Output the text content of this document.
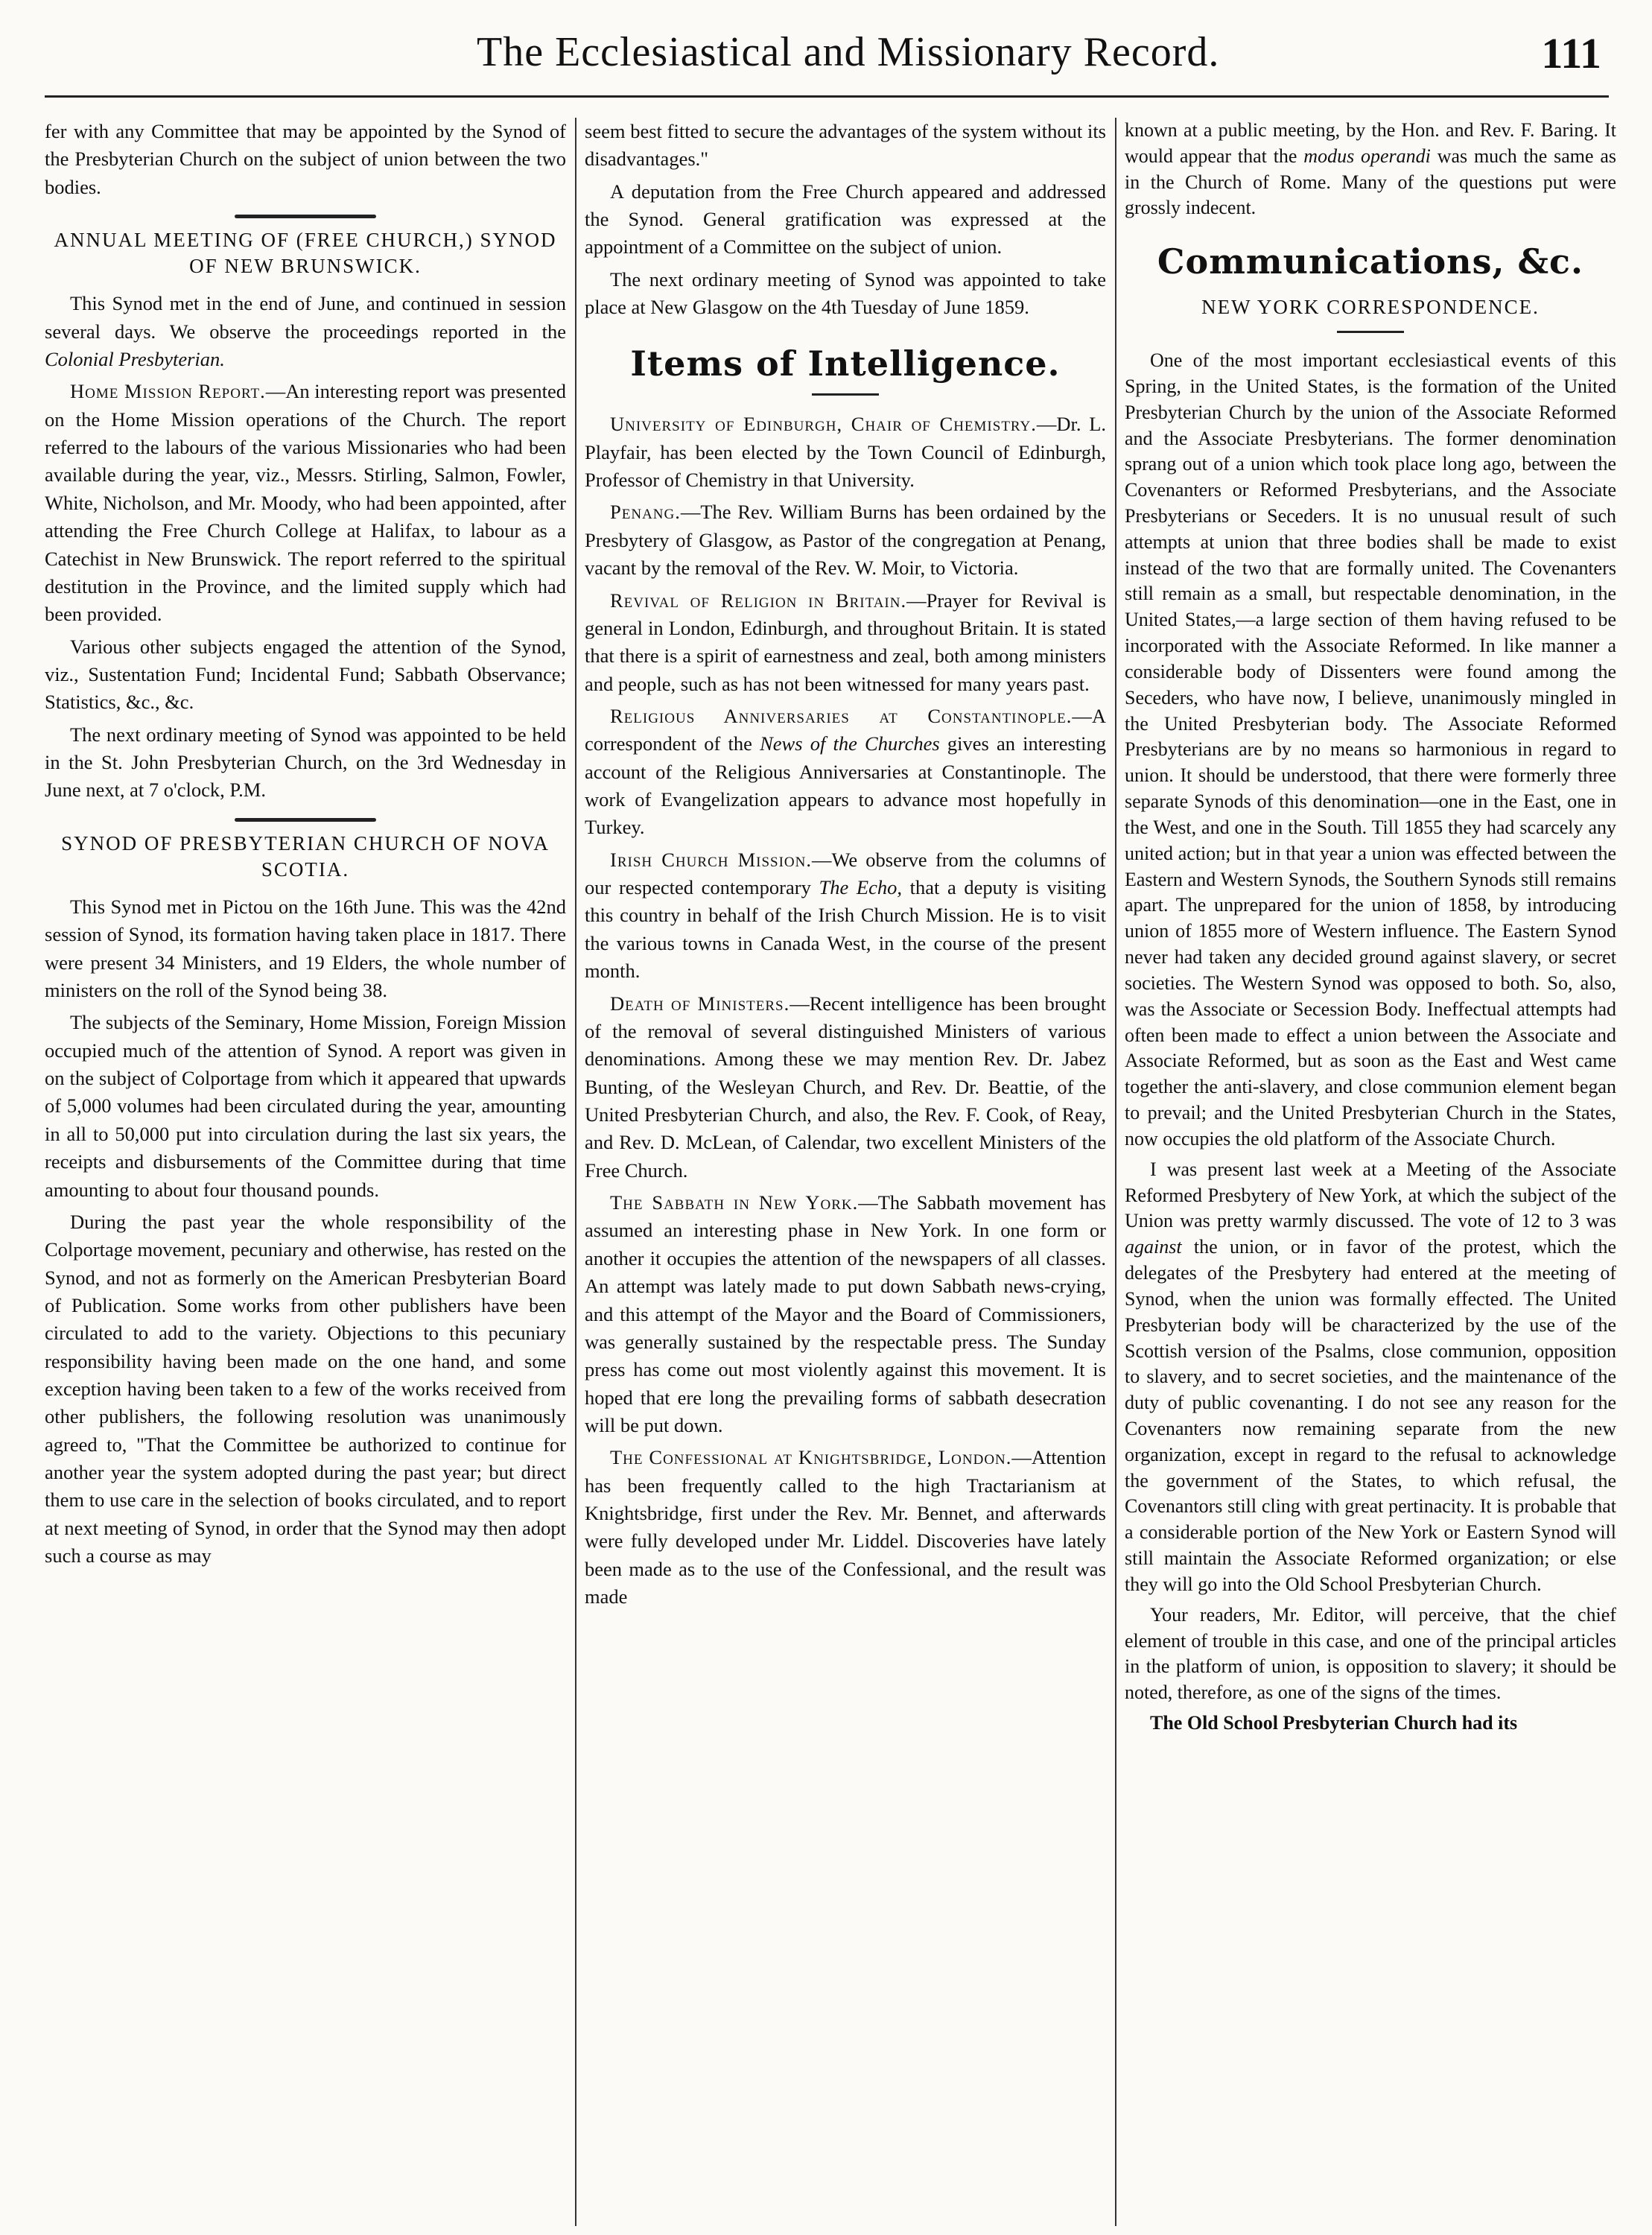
The Ecclesiastical and Missionary Record.	111

fer with any Committee that may be appointed by the Synod of the Presbyterian Church on the subject of union between the two bodies.

ANNUAL MEETING OF (FREE CHURCH,) SYNOD OF NEW BRUNSWICK.

This Synod met in the end of June, and continued in session several days. We observe the proceedings reported in the Colonial Presbyterian.

Home Mission Report.—An interesting report was presented on the Home Mission operations of the Church. The report referred to the labours of the various Missionaries who had been available during the year, viz., Messrs. Stirling, Salmon, Fowler, White, Nicholson, and Mr. Moody, who had been appointed, after attending the Free Church College at Halifax, to labour as a Catechist in New Brunswick. The report referred to the spiritual destitution in the Province, and the limited supply which had been provided.

Various other subjects engaged the attention of the Synod, viz., Sustentation Fund; Incidental Fund; Sabbath Observance; Statistics, &c., &c.

The next ordinary meeting of Synod was appointed to be held in the St. John Presbyterian Church, on the 3rd Wednesday in June next, at 7 o'clock, P.M.

SYNOD OF PRESBYTERIAN CHURCH OF NOVA SCOTIA.

This Synod met in Pictou on the 16th June. This was the 42nd session of Synod, its formation having taken place in 1817. There were present 34 Ministers, and 19 Elders, the whole number of ministers on the roll of the Synod being 38.

The subjects of the Seminary, Home Mission, Foreign Mission occupied much of the attention of Synod. A report was given in on the subject of Colportage from which it appeared that upwards of 5,000 volumes had been circulated during the year, amounting in all to 50,000 put into circulation during the last six years, the receipts and disbursements of the Committee during that time amounting to about four thousand pounds.

During the past year the whole responsibility of the Colportage movement, pecuniary and otherwise, has rested on the Synod, and not as formerly on the American Presbyterian Board of Publication. Some works from other publishers have been circulated to add to the variety. Objections to this pecuniary responsibility having been made on the one hand, and some exception having been taken to a few of the works received from other publishers, the following resolution was unanimously agreed to, "That the Committee be authorized to continue for another year the system adopted during the past year; but direct them to use care in the selection of books circulated, and to report at next meeting of Synod, in order that the Synod may then adopt such a course as may

seem best fitted to secure the advantages of the system without its disadvantages."

A deputation from the Free Church appeared and addressed the Synod. General gratification was expressed at the appointment of a Committee on the subject of union.

The next ordinary meeting of Synod was appointed to take place at New Glasgow on the 4th Tuesday of June 1859.

Items of Intelligence.

University of Edinburgh, Chair of Chemistry.—Dr. L. Playfair, has been elected by the Town Council of Edinburgh, Professor of Chemistry in that University.

Penang.—The Rev. William Burns has been ordained by the Presbytery of Glasgow, as Pastor of the congregation at Penang, vacant by the removal of the Rev. W. Moir, to Victoria.

Revival of Religion in Britain.—Prayer for Revival is general in London, Edinburgh, and throughout Britain. It is stated that there is a spirit of earnestness and zeal, both among ministers and people, such as has not been witnessed for many years past.

Religious Anniversaries at Constantinople.—A correspondent of the News of the Churches gives an interesting account of the Religious Anniversaries at Constantinople. The work of Evangelization appears to advance most hopefully in Turkey.

Irish Church Mission.—We observe from the columns of our respected contemporary The Echo, that a deputy is visiting this country in behalf of the Irish Church Mission. He is to visit the various towns in Canada West, in the course of the present month.

Death of Ministers.—Recent intelligence has been brought of the removal of several distinguished Ministers of various denominations. Among these we may mention Rev. Dr. Jabez Bunting, of the Wesleyan Church, and Rev. Dr. Beattie, of the United Presbyterian Church, and also, the Rev. F. Cook, of Reay, and Rev. D. McLean, of Calendar, two excellent Ministers of the Free Church.

The Sabbath in New York.—The Sabbath movement has assumed an interesting phase in New York. In one form or another it occupies the attention of the newspapers of all classes. An attempt was lately made to put down Sabbath news-crying, and this attempt of the Mayor and the Board of Commissioners, was generally sustained by the respectable press. The Sunday press has come out most violently against this movement. It is hoped that ere long the prevailing forms of sabbath desecration will be put down.

The Confessional at Knightsbridge, London.—Attention has been frequently called to the high Tractarianism at Knightsbridge, first under the Rev. Mr. Bennet, and afterwards were fully developed under Mr. Liddel. Discoveries have lately been made as to the use of the Confessional, and the result was made

known at a public meeting, by the Hon. and Rev. F. Baring. It would appear that the modus operandi was much the same as in the Church of Rome. Many of the questions put were grossly indecent.

Communications, &c.
NEW YORK CORRESPONDENCE.

One of the most important ecclesiastical events of this Spring, in the United States, is the formation of the United Presbyterian Church by the union of the Associate Reformed and the Associate Presbyterians. The former denomination sprang out of a union which took place long ago, between the Covenanters or Reformed Presbyterians, and the Associate Presbyterians or Seceders. It is no unusual result of such attempts at union that three bodies shall be made to exist instead of the two that are formally united. The Covenanters still remain as a small, but respectable denomination, in the United States,—a large section of them having refused to be incorporated with the Associate Reformed. In like manner a considerable body of Dissenters were found among the Seceders, who have now, I believe, unanimously mingled in the United Presbyterian body. The Associate Reformed Presbyterians are by no means so harmonious in regard to union. It should be understood, that there were formerly three separate Synods of this denomination—one in the East, one in the West, and one in the South. Till 1855 they had scarcely any united action; but in that year a union was effected between the Eastern and Western Synods, the Southern Synods still remains apart. The unprepared for the union of 1858, by introducing union of 1855 more of Western influence. The Eastern Synod never had taken any decided ground against slavery, or secret societies. The Western Synod was opposed to both. So, also, was the Associate or Secession Body. Ineffectual attempts had often been made to effect a union between the Associate and Associate Reformed, but as soon as the East and West came together the anti-slavery, and close communion element began to prevail; and the United Presbyterian Church in the States, now occupies the old platform of the Associate Church.

I was present last week at a Meeting of the Associate Reformed Presbytery of New York, at which the subject of the Union was pretty warmly discussed. The vote of 12 to 3 was against the union, or in favor of the protest, which the delegates of the Presbytery had entered at the meeting of Synod, when the union was formally effected. The United Presbyterian body will be characterized by the use of the Scottish version of the Psalms, close communion, opposition to slavery, and to secret societies, and the maintenance of the duty of public covenanting. I do not see any reason for the Covenanters now remaining separate from the new organization, except in regard to the refusal to acknowledge the government of the States, to which refusal, the Covenantors still cling with great pertinacity. It is probable that a considerable portion of the New York or Eastern Synod will still maintain the Associate Reformed organization; or else they will go into the Old School Presbyterian Church.

Your readers, Mr. Editor, will perceive, that the chief element of trouble in this case, and one of the principal articles in the platform of union, is opposition to slavery; it should be noted, therefore, as one of the signs of the times.

The Old School Presbyterian Church had its
